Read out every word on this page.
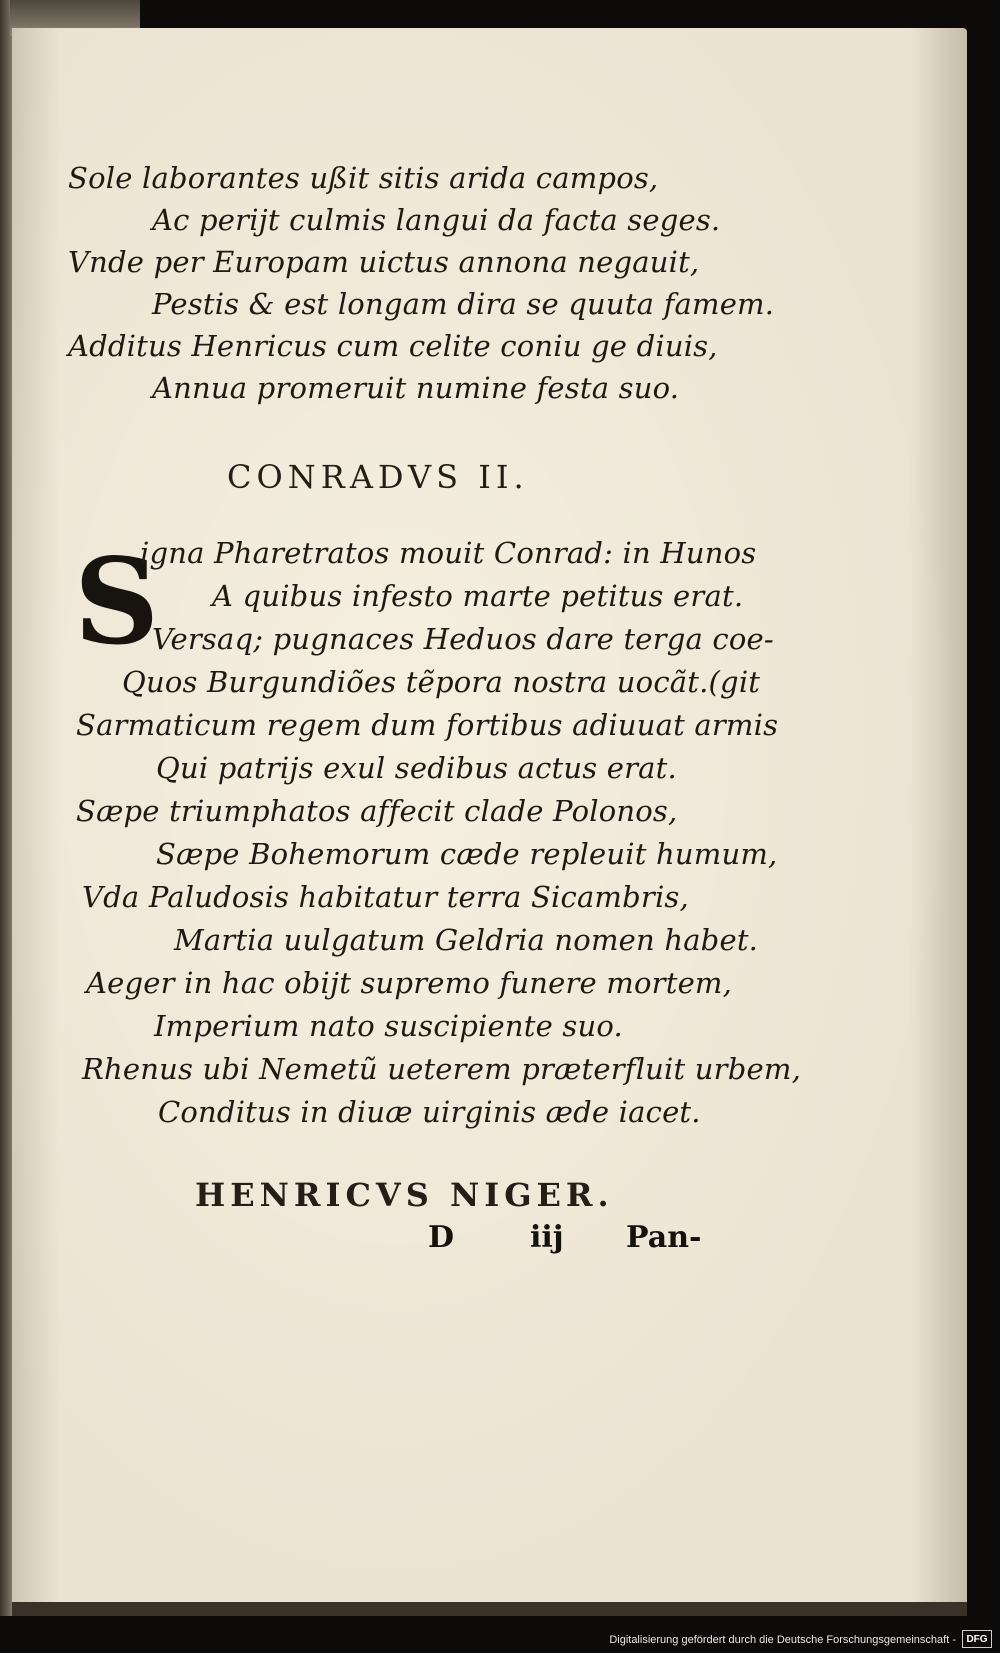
Sole laborantes ußit sitis arida campos,
Ac perijt culmis langui da facta seges.
Vnde per Europam uictus annona negauit,
Pestis & est longam dira se quuta famem.
Additus Henricus cum celite coniu ge diuis,
Annua promeruit numine festa suo.
CONRADVS II.
S
igna Pharetratos mouit Conrad: in Hunos
A quibus infesto marte petitus erat.
Versaq; pugnaces Heduos dare terga coe-
Quos Burgundiões tẽpora nostra uocãt.(git
Sarmaticum regem dum fortibus adiuuat armis
Qui patrijs exul sedibus actus erat.
Sæpe triumphatos affecit clade Polonos,
Sæpe Bohemorum cæde repleuit humum,
Vda Paludosis habitatur terra Sicambris,
Martia uulgatum Geldria nomen habet.
Aeger in hac obijt supremo funere mortem,
Imperium nato suscipiente suo.
Rhenus ubi Nemetũ ueterem præterfluit urbem,
Conditus in diuæ uirginis æde iacet.
HENRICVS NIGER.
D	iij Pan-
Digitalisierung gefördert durch die Deutsche Forschungsgemeinschaft -	DFG
